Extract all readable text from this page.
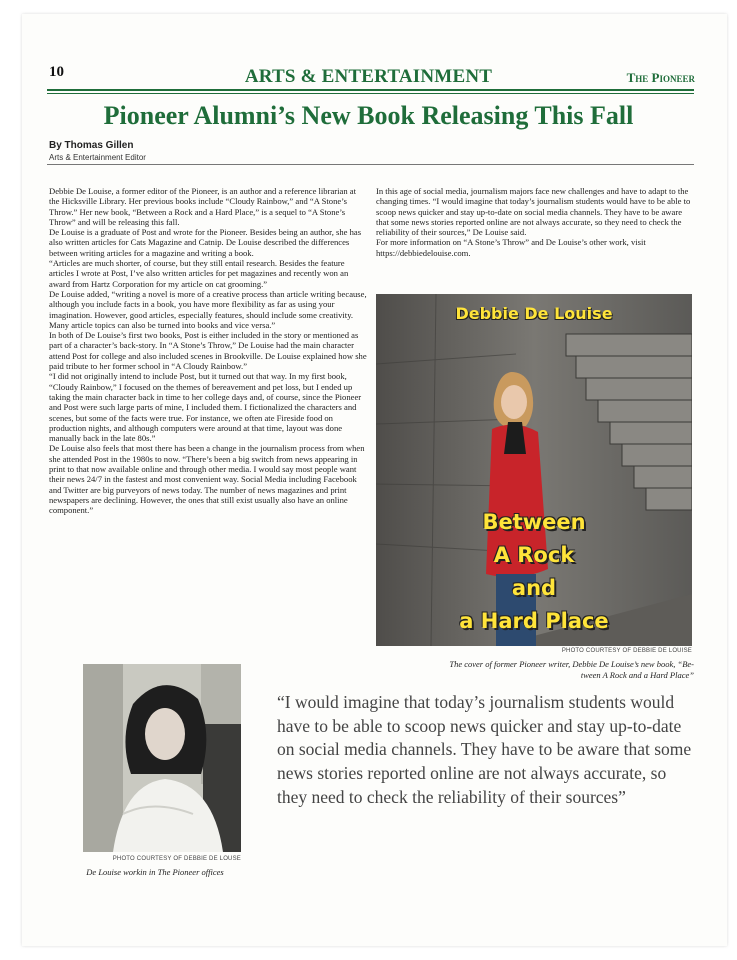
10	ARTS & ENTERTAINMENT	The Pioneer
Pioneer Alumni’s New Book Releasing This Fall
By Thomas Gillen
Arts & Entertainment Editor

Debbie De Louise, a former editor of the Pioneer, is an author and a reference librarian at the Hicksville Library. Her previous books include “Cloudy Rainbow,” and “A Stone’s Throw.” Her new book, “Between a Rock and a Hard Place,” is a sequel to “A Stone’s Throw” and will be releasing this fall.

De Louise is a graduate of Post and wrote for the Pioneer. Besides being an author, she has also written articles for Cats Magazine and Catnip. De Louise described the differences between writing articles for a magazine and writing a book.

“Articles are much shorter, of course, but they still entail research. Besides the feature articles I wrote at Post, I’ve also written articles for pet magazines and recently won an award from Hartz Corporation for my article on cat grooming.”

De Louise added, “writing a novel is more of a creative process than article writing because, although you include facts in a book, you have more flexibility as far as using your imagination. However, good articles, especially features, should include some creativity. Many article topics can also be turned into books and vice versa.”

In both of De Louise’s first two books, Post is either included in the story or mentioned as part of a character’s back-story. In “A Stone’s Throw,” De Louise had the main character attend Post for college and also included scenes in Brookville. De Louise explained how she paid tribute to her former school in “A Cloudy Rainbow.”

“I did not originally intend to include Post, but it turned out that way. In my first book, “Cloudy Rainbow,” I focused on the themes of bereavement and pet loss, but I ended up taking the main character back in time to her college days and, of course, since the Pioneer and Post were such large parts of mine, I included them. I fictionalized the characters and scenes, but some of the facts were true. For instance, we often ate Fireside food on production nights, and although computers were around at that time, layout was done manually back in the late 80s.”

De Louise also feels that most there has been a change in the journalism process from when she attended Post in the 1980s to now. “There’s been a big switch from news appearing in print to that now available online and through other media. I would say most people want their news 24/7 in the fastest and most convenient way. Social Media including Facebook and Twitter are big purveyors of news today. The number of news magazines and print newspapers are declining. However, the ones that still exist usually also have an online component.”

In this age of social media, journalism majors face new challenges and have to adapt to the changing times. “I would imagine that today’s journalism students would have to be able to scoop news quicker and stay up-to-date on social media channels. They have to be aware that some news stories reported online are not always accurate, so they need to check the reliability of their sources,” De Louise said.

For more information on “A Stone’s Throw” and De Louise’s other work, visit https://debbiedelouise.com.

Debbie De Louise
Between
A Rock
and
a Hard Place
PHOTO COURTESY OF DEBBIE DE LOUISE
The cover of former Pioneer writer, Debbie De Louise’s new book, “Be-
tween A Rock and a Hard Place”
PHOTO COURTESY OF DEBBIE DE LOUSE
De Louise workin in The Pioneer offices
“I would imagine that today’s journalism students would have to be able to scoop news quicker and stay up-to-date on social media channels. They have to be aware that some news stories reported online are not always accurate, so they need to check the reliability of their sources”
